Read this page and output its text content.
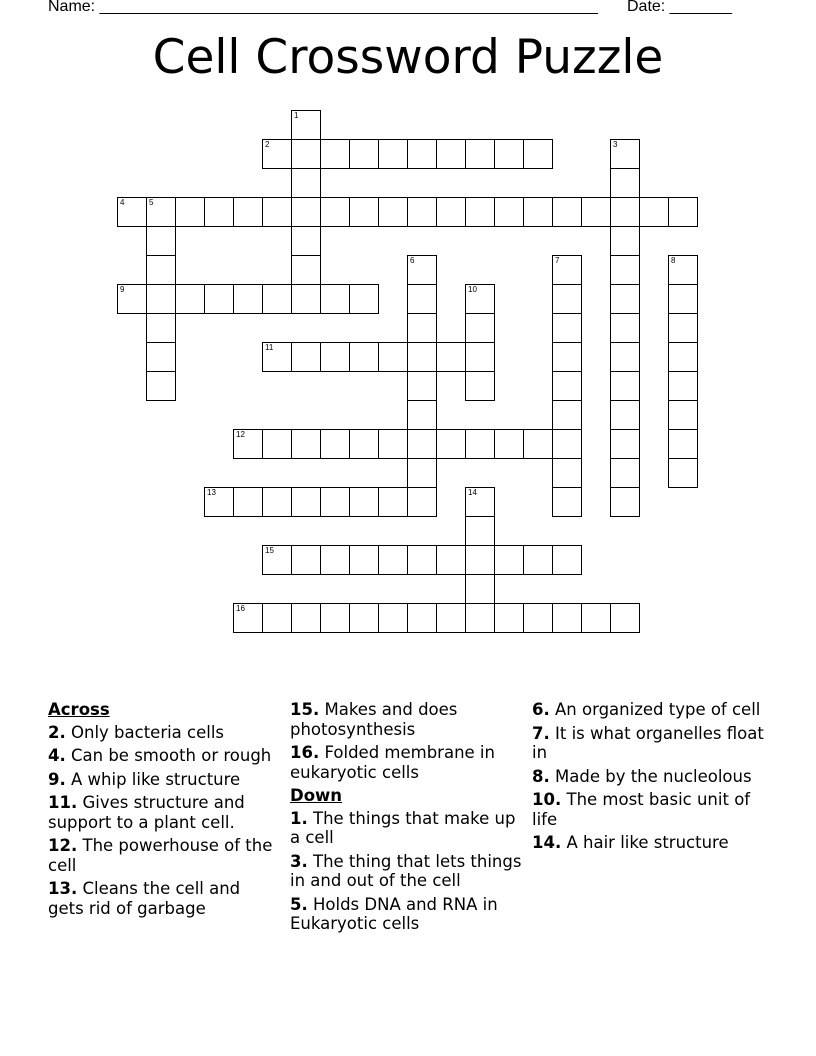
Name: ________________________________________________________ Date: _______
Cell Crossword Puzzle
1
2	3
4	5
6	7	8
9	10
11
12
13	14
15
16
Across
2. Only bacteria cells
4. Can be smooth or rough
9. A whip like structure
11. Gives structure and support to a plant cell.
12. The powerhouse of the cell
13. Cleans the cell and gets rid of garbage
15. Makes and does photosynthesis
16. Folded membrane in eukaryotic cells
Down
1. The things that make up a cell
3. The thing that lets things in and out of the cell
5. Holds DNA and RNA in Eukaryotic cells
6. An organized type of cell
7. It is what organelles float in
8. Made by the nucleolous
10. The most basic unit of life
14. A hair like structure
